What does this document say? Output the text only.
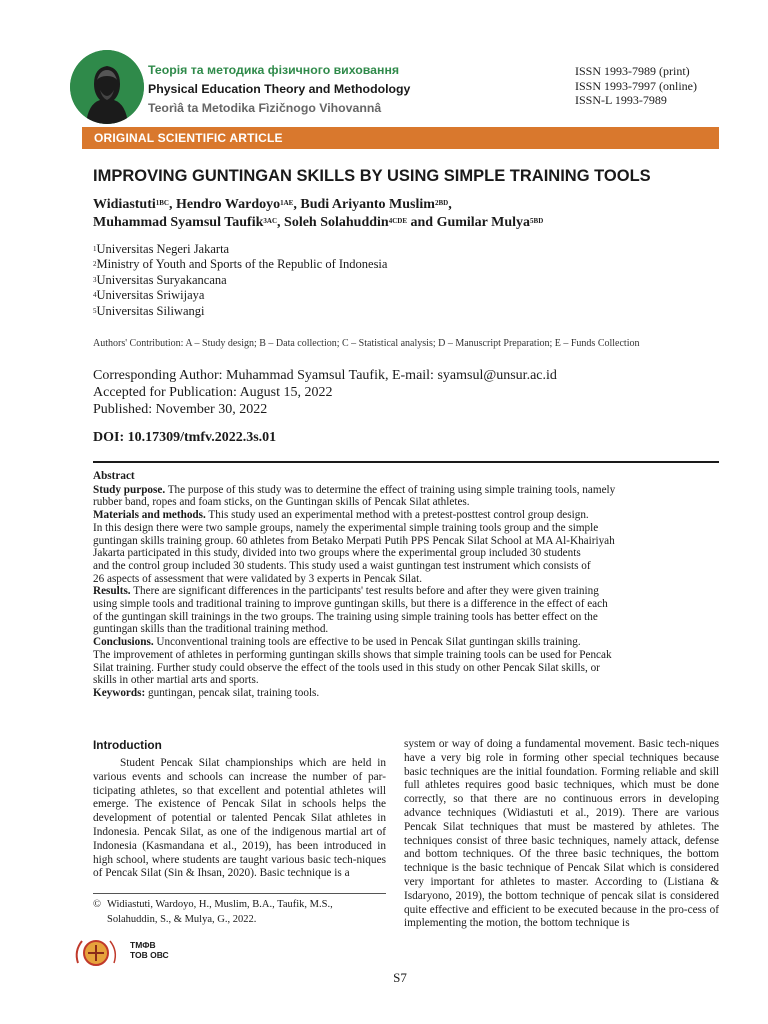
Теорія та методика фізичного виховання
Physical Education Theory and Methodology
Teorìâ ta Metodika Fìzičnogo Vihovannâ
ISSN 1993-7989 (print)
ISSN 1993-7997 (online)
ISSN-L 1993-7989
ORIGINAL SCIENTIFIC ARTICLE
IMPROVING GUNTINGAN SKILLS BY USING SIMPLE TRAINING TOOLS
Widiastuti$^{1BC}$, Hendro Wardoyo$^{1AE}$, Budi Ariyanto Muslim$^{2BD}$,
Muhammad Syamsul Taufik$^{3AC}$, Soleh Solahuddin$^{4CDE}$ and Gumilar Mulya$^{5BD}$
$^1$Universitas Negeri Jakarta
$^2$Ministry of Youth and Sports of the Republic of Indonesia
$^3$Universitas Suryakancana
$^4$Universitas Sriwijaya
$^5$Universitas Siliwangi
Authors' Contribution: A – Study design; B – Data collection; C – Statistical analysis; D – Manuscript Preparation; E – Funds Collection
Corresponding Author: Muhammad Syamsul Taufik, E-mail: syamsul@unsur.ac.id
Accepted for Publication: August 15, 2022
Published: November 30, 2022
DOI: 10.17309/tmfv.2022.3s.01

Abstract

Study purpose. The purpose of this study was to determine the effect of training using simple training tools, namely
rubber band, ropes and foam sticks, on the Guntingan skills of Pencak Silat athletes.

Materials and methods. This study used an experimental method with a pretest-posttest control group design.
In this design there were two sample groups, namely the experimental simple training tools group and the simple
guntingan skills training group. 60 athletes from Betako Merpati Putih PPS Pencak Silat School at MA Al-Khairiyah
Jakarta participated in this study, divided into two groups where the experimental group included 30 students
and the control group included 30 students. This study used a waist guntingan test instrument which consists of
26 aspects of assessment that were validated by 3 experts in Pencak Silat.

Results. There are significant differences in the participants' test results before and after they were given training
using simple tools and traditional training to improve guntingan skills, but there is a difference in the effect of each
of the guntingan skill trainings in the two groups. The training using simple training tools has better effect on the
guntingan skills than the traditional training method.

Conclusions. Unconventional training tools are effective to be used in Pencak Silat guntingan skills training.
The improvement of athletes in performing guntingan skills shows that simple training tools can be used for Pencak
Silat training. Further study could observe the effect of the tools used in this study on other Pencak Silat skills, or
skills in other martial arts and sports.

Keywords: guntingan, pencak silat, training tools.

Introduction

Student Pencak Silat championships which are held in various events and schools can increase the number of par-ticipating athletes, so that excellent and potential athletes will emerge. The existence of Pencak Silat in schools helps the development of potential or talented Pencak Silat athletes in Indonesia. Pencak Silat, as one of the indigenous martial art of Indonesia (Kasmandana et al., 2019), has been introduced in high school, where students are taught various basic tech-niques of Pencak Silat (Sin & Ihsan, 2020). Basic technique is a

system or way of doing a fundamental movement. Basic tech-niques have a very big role in forming other special techniques because basic techniques are the initial foundation. Forming reliable and skill full athletes requires good basic techniques, which must be done correctly, so that there are no continuous errors in developing advance techniques (Widiastuti et al., 2019). There are various Pencak Silat techniques that must be mastered by athletes. The techniques consist of three basic techniques, namely attack, defense and bottom techniques. Of the three basic techniques, the bottom technique is the basic technique of Pencak Silat which is considered very important for athletes to master. According to (Listiana & Isdaryono, 2019), the bottom technique of pencak silat is considered quite effective and efficient to be executed because in the pro-cess of implementing the motion, the bottom technique is
© Widiastuti, Wardoyo, H., Muslim, B.A., Taufik, M.S.,
Solahuddin, S., & Mulya, G., 2022.
ТМФВ
ТОВ ОВС
S7
